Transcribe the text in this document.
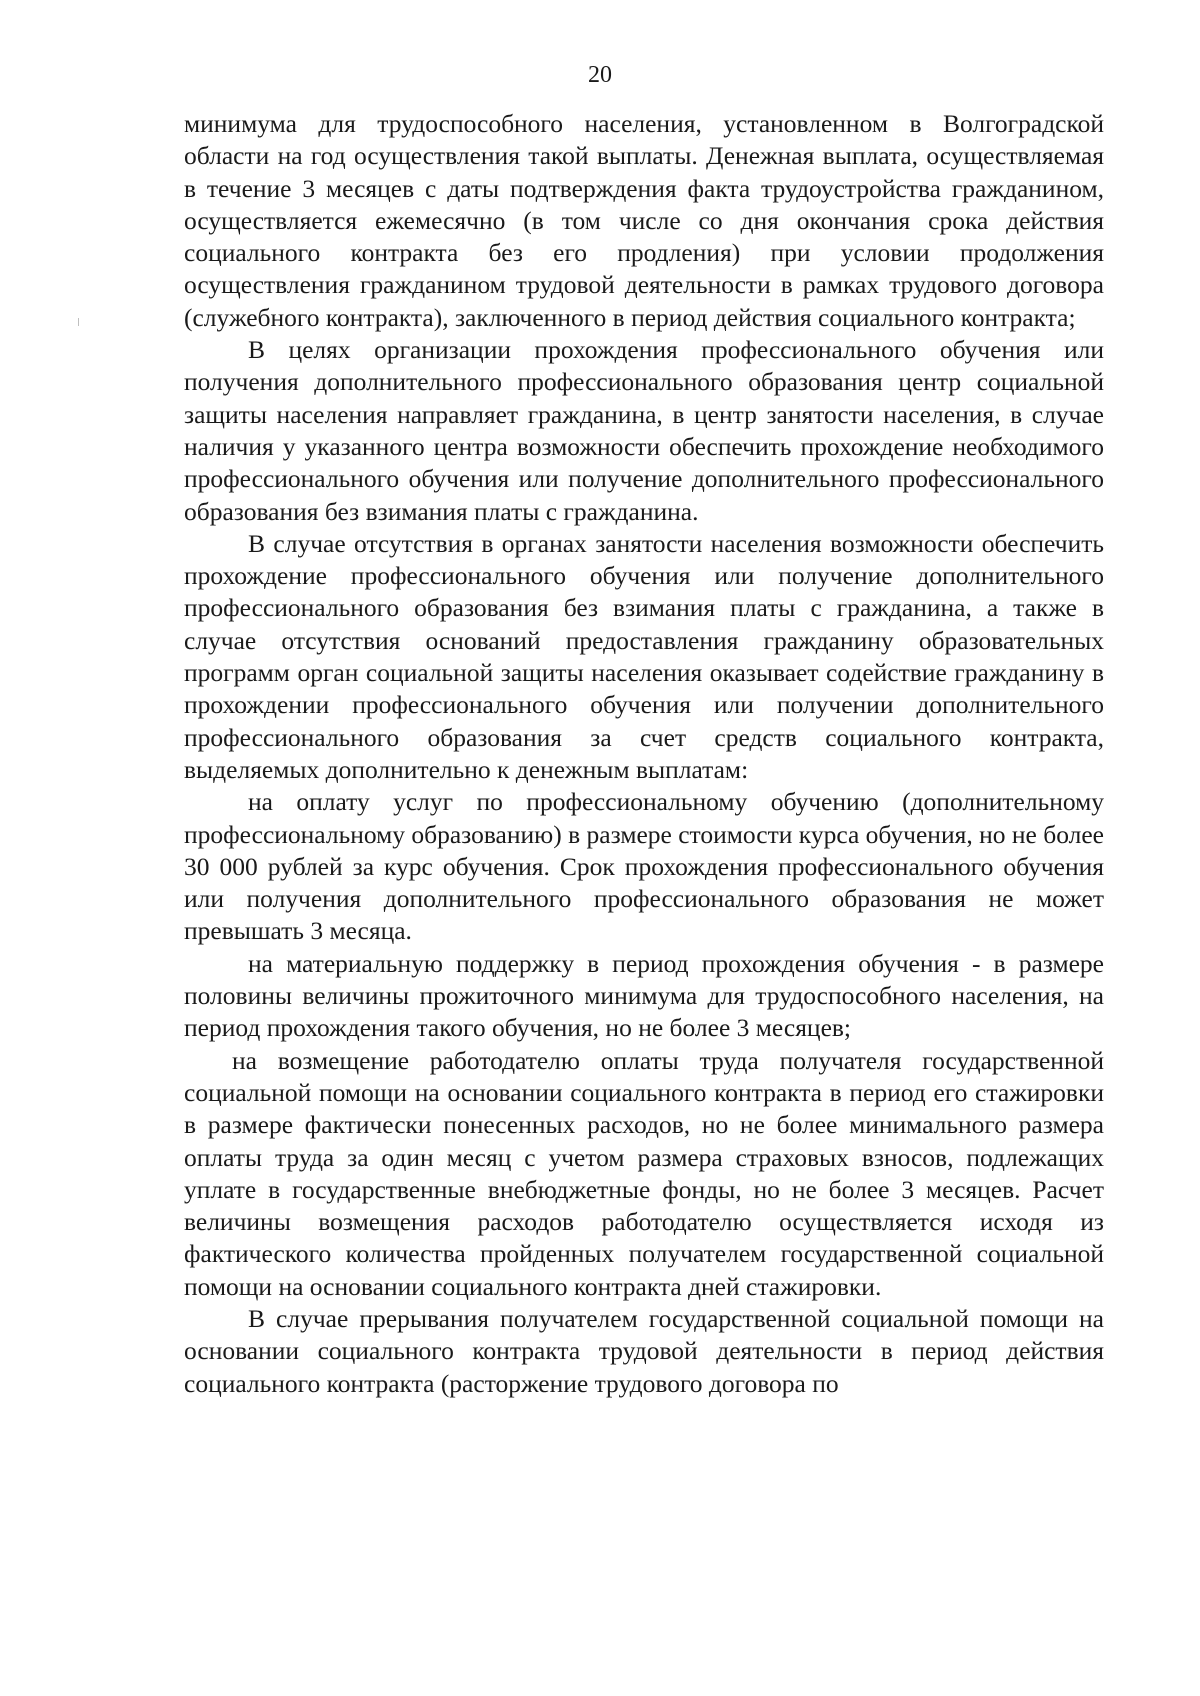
20

минимума для трудоспособного населения, установленном в Волгоградской области на год осуществления такой выплаты. Денежная выплата, осуществляемая в течение 3 месяцев с даты подтверждения факта трудоустройства гражданином, осуществляется ежемесячно (в том числе со дня окончания срока действия социального контракта без его продления) при условии продолжения осуществления гражданином трудовой деятельности в рамках трудового договора (служебного контракта), заключенного в период действия социального контракта;

В целях организации прохождения профессионального обучения или получения дополнительного профессионального образования центр социальной защиты населения направляет гражданина, в центр занятости населения, в случае наличия у указанного центра возможности обеспечить прохождение необходимого профессионального обучения или получение дополнительного профессионального образования без взимания платы с гражданина.

В случае отсутствия в органах занятости населения возможности обеспечить прохождение профессионального обучения или получение дополнительного профессионального образования без взимания платы с гражданина, а также в случае отсутствия оснований предоставления гражданину образовательных программ орган социальной защиты населения оказывает содействие гражданину в прохождении профессионального обучения или получении дополнительного профессионального образования за счет средств социального контракта, выделяемых дополнительно к денежным выплатам:

на оплату услуг по профессиональному обучению (дополнительному профессиональному образованию) в размере стоимости курса обучения, но не более 30 000 рублей за курс обучения. Срок прохождения профессионального обучения или получения дополнительного профессионального образования не может превышать 3 месяца.

на материальную поддержку в период прохождения обучения - в размере половины величины прожиточного минимума для трудоспособного населения, на период прохождения такого обучения, но не более 3 месяцев;

на возмещение работодателю оплаты труда получателя государственной социальной помощи на основании социального контракта в период его стажировки в размере фактически понесенных расходов, но не более минимального размера оплаты труда за один месяц с учетом размера страховых взносов, подлежащих уплате в государственные внебюджетные фонды, но не более 3 месяцев. Расчет величины возмещения расходов работодателю осуществляется исходя из фактического количества пройденных получателем государственной социальной помощи на основании социального контракта дней стажировки.

В случае прерывания получателем государственной социальной помощи на основании социального контракта трудовой деятельности в период действия социального контракта (расторжение трудового договора по
